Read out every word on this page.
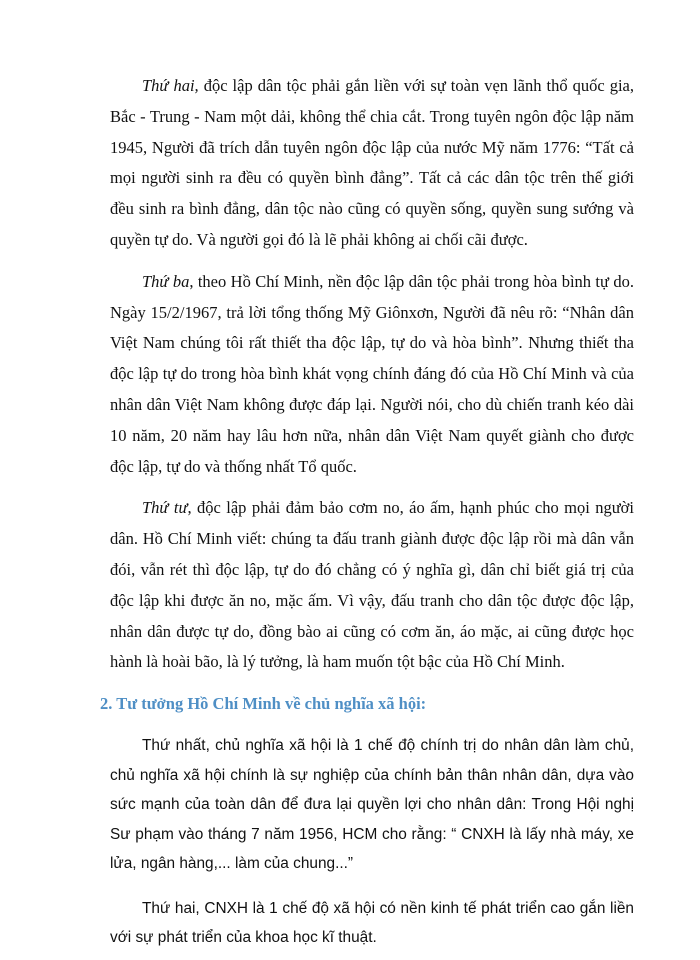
Thứ hai, độc lập dân tộc phải gắn liền với sự toàn vẹn lãnh thổ quốc gia, Bắc - Trung - Nam một dải, không thể chia cắt. Trong tuyên ngôn độc lập năm 1945, Người đã trích dẫn tuyên ngôn độc lập của nước Mỹ năm 1776: “Tất cả mọi người sinh ra đều có quyền bình đẳng”. Tất cả các dân tộc trên thế giới đều sinh ra bình đẳng, dân tộc nào cũng có quyền sống, quyền sung sướng và quyền tự do. Và người gọi đó là lẽ phải không ai chối cãi được.

Thứ ba, theo Hồ Chí Minh, nền độc lập dân tộc phải trong hòa bình tự do. Ngày 15/2/1967, trả lời tổng thống Mỹ Giônxơn, Người đã nêu rõ: “Nhân dân Việt Nam chúng tôi rất thiết tha độc lập, tự do và hòa bình”. Nhưng thiết tha độc lập tự do trong hòa bình khát vọng chính đáng đó của Hồ Chí Minh và của nhân dân Việt Nam không được đáp lại. Người nói, cho dù chiến tranh kéo dài 10 năm, 20 năm hay lâu hơn nữa, nhân dân Việt Nam quyết giành cho được độc lập, tự do và thống nhất Tổ quốc.

Thứ tư, độc lập phải đảm bảo cơm no, áo ấm, hạnh phúc cho mọi người dân. Hồ Chí Minh viết: chúng ta đấu tranh giành được độc lập rồi mà dân vẫn đói, vẫn rét thì độc lập, tự do đó chẳng có ý nghĩa gì, dân chỉ biết giá trị của độc lập khi được ăn no, mặc ấm. Vì vậy, đấu tranh cho dân tộc được độc lập, nhân dân được tự do, đồng bào ai cũng có cơm ăn, áo mặc, ai cũng được học hành là hoài bão, là lý tưởng, là ham muốn tột bậc của Hồ Chí Minh.

2. Tư tưởng Hồ Chí Minh về chủ nghĩa xã hội:

Thứ nhất, chủ nghĩa xã hội là 1 chế độ chính trị do nhân dân làm chủ, chủ nghĩa xã hội chính là sự nghiệp của chính bản thân nhân dân, dựa vào sức mạnh của toàn dân để đưa lại quyền lợi cho nhân dân: Trong Hội nghị Sư phạm vào tháng 7 năm 1956, HCM cho rằng: “ CNXH là lấy nhà máy, xe lửa, ngân hàng,... làm của chung...”

Thứ hai, CNXH là 1 chế độ xã hội có nền kinh tế phát triển cao gắn liền với sự phát triển của khoa học kĩ thuật.
